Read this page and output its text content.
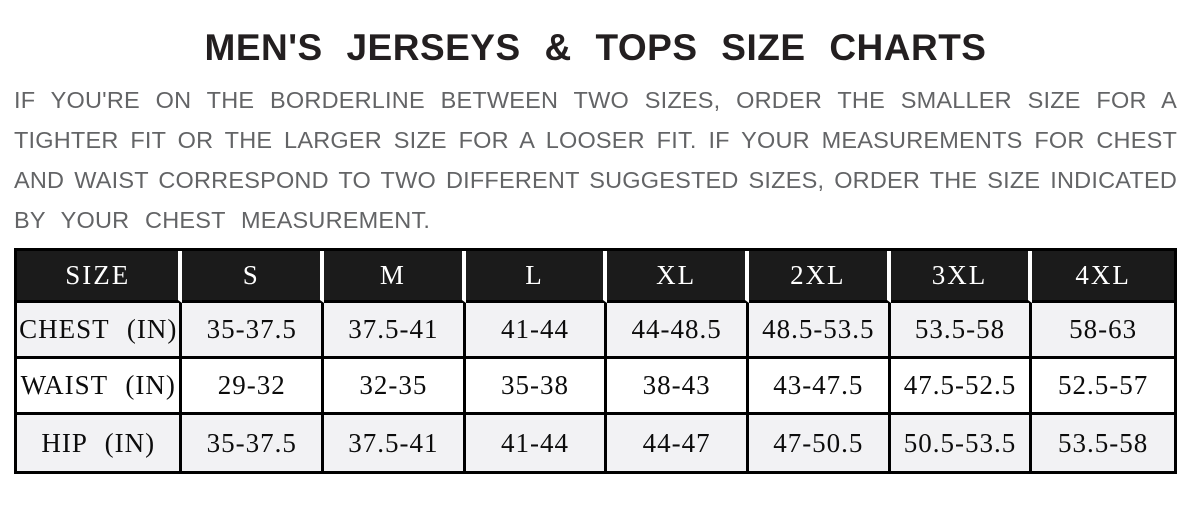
MEN'S JERSEYS & TOPS SIZE CHARTS
IF YOU'RE ON THE BORDERLINE BETWEEN TWO SIZES, ORDER THE SMALLER SIZE FOR A
TIGHTER FIT OR THE LARGER SIZE FOR A LOOSER FIT. IF YOUR MEASUREMENTS FOR CHEST
AND WAIST CORRESPOND TO TWO DIFFERENT SUGGESTED SIZES, ORDER THE SIZE INDICATED
BY YOUR CHEST MEASUREMENT.
SIZE	S	M	L	XL	2XL	3XL	4XL
CHEST (IN)	35-37.5	37.5-41	41-44	44-48.5	48.5-53.5	53.5-58	58-63
WAIST (IN)	29-32	32-35	35-38	38-43	43-47.5	47.5-52.5	52.5-57
HIP (IN)	35-37.5	37.5-41	41-44	44-47	47-50.5	50.5-53.5	53.5-58
